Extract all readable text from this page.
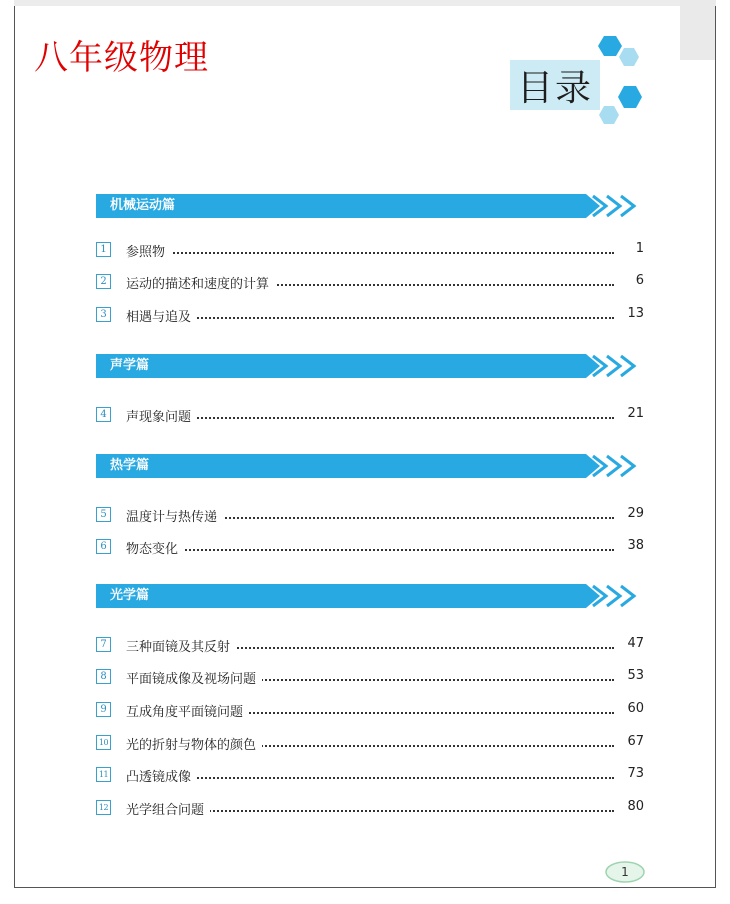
八年级物理
目录
机械运动篇
1	参照物	1
2	运动的描述和速度的计算	6
3	相遇与追及	13
声学篇
4	声现象问题	21
热学篇
5	温度计与热传递	29
6	物态变化	38
光学篇
7	三种面镜及其反射	47
8	平面镜成像及视场问题	53
9	互成角度平面镜问题	60
10 光的折射与物体的颜色	67
11 凸透镜成像	73
12 光学组合问题	80
1
